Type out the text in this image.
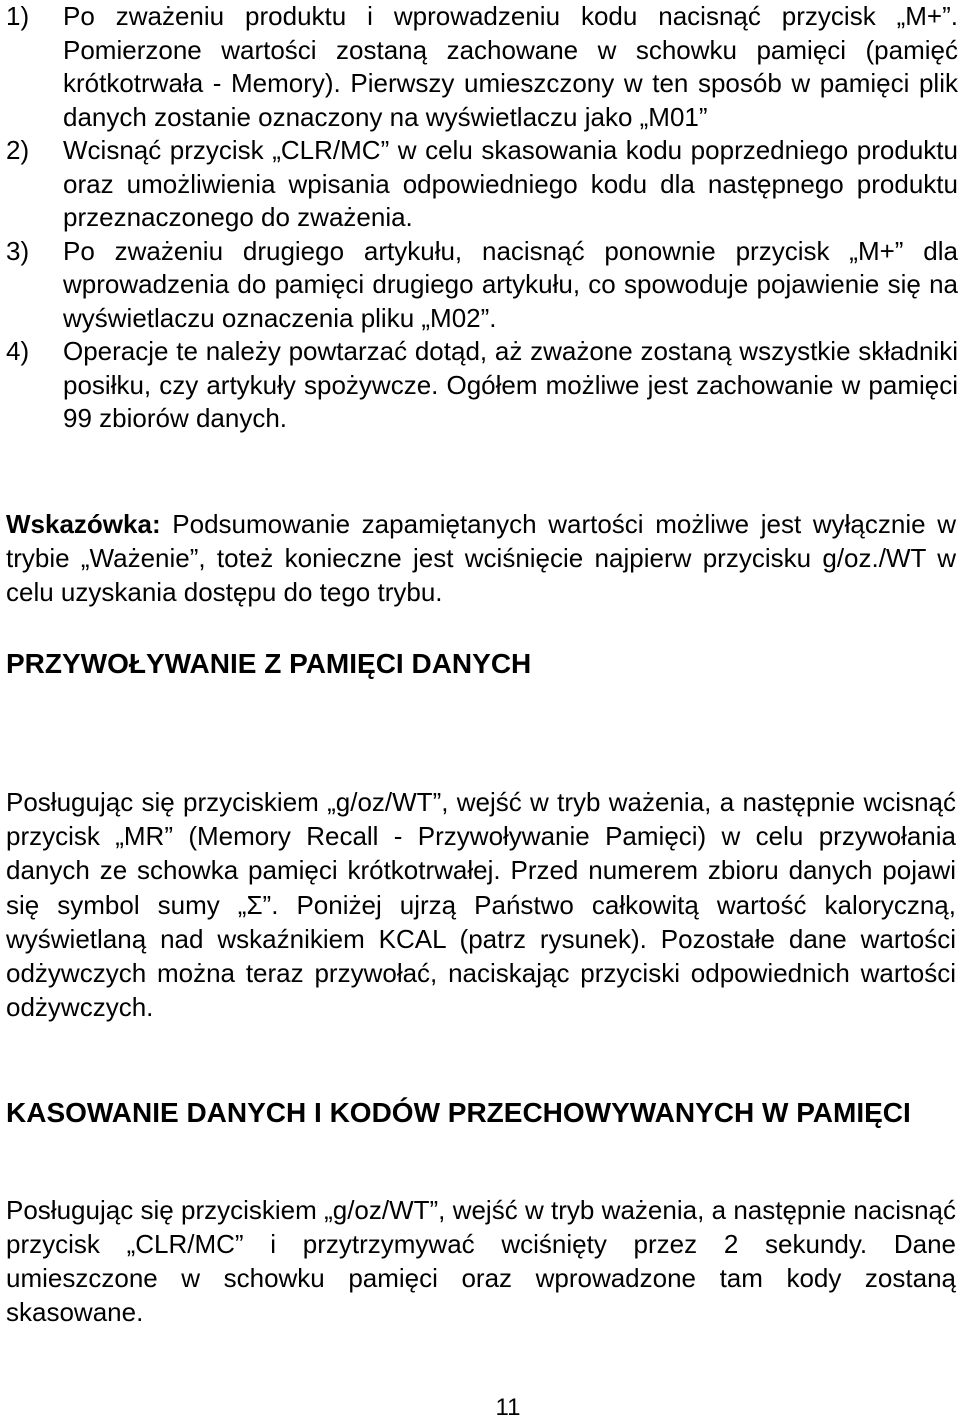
1) Po zważeniu produktu i wprowadzeniu kodu nacisnąć przycisk „M+”. Pomierzone wartości zostaną zachowane w schowku pamięci (pamięć krótkotrwała - Memory). Pierwszy umieszczony w ten sposób w pamięci plik danych zostanie oznaczony na wyświetlaczu jako „M01”
2) Wcisnąć przycisk „CLR/MC” w celu skasowania kodu poprzedniego produktu oraz umożliwienia wpisania odpowiedniego kodu dla następnego produktu przeznaczonego do zważenia.
3) Po zważeniu drugiego artykułu, nacisnąć ponownie przycisk „M+” dla wprowadzenia do pamięci drugiego artykułu, co spowoduje pojawienie się na wyświetlaczu oznaczenia pliku „M02”.
4) Operacje te należy powtarzać dotąd, aż zważone zostaną wszystkie składniki posiłku, czy artykuły spożywcze. Ogółem możliwe jest zachowanie w pamięci 99 zbiorów danych.

Wskazówka: Podsumowanie zapamiętanych wartości możliwe jest wyłącznie w trybie „Ważenie”, toteż konieczne jest wciśnięcie najpierw przycisku g/oz./WT w celu uzyskania dostępu do tego trybu.

PRZYWOŁYWANIE Z PAMIĘCI DANYCH

Posługując się przyciskiem „g/oz/WT”, wejść w tryb ważenia, a następnie wcisnąć przycisk „MR” (Memory Recall - Przywoływanie Pamięci) w celu przywołania danych ze schowka pamięci krótkotrwałej. Przed numerem zbioru danych pojawi się symbol sumy „Σ”. Poniżej ujrzą Państwo całkowitą wartość kaloryczną, wyświetlaną nad wskaźnikiem KCAL (patrz rysunek). Pozostałe dane wartości odżywczych można teraz przywołać, naciskając przyciski odpowiednich wartości odżywczych.

KASOWANIE DANYCH I KODÓW PRZECHOWYWANYCH W PAMIĘCI

Posługując się przyciskiem „g/oz/WT”, wejść w tryb ważenia, a następnie nacisnąć przycisk „CLR/MC” i przytrzymywać wciśnięty przez 2 sekundy. Dane umieszczone w schowku pamięci oraz wprowadzone tam kody zostaną skasowane.

11
